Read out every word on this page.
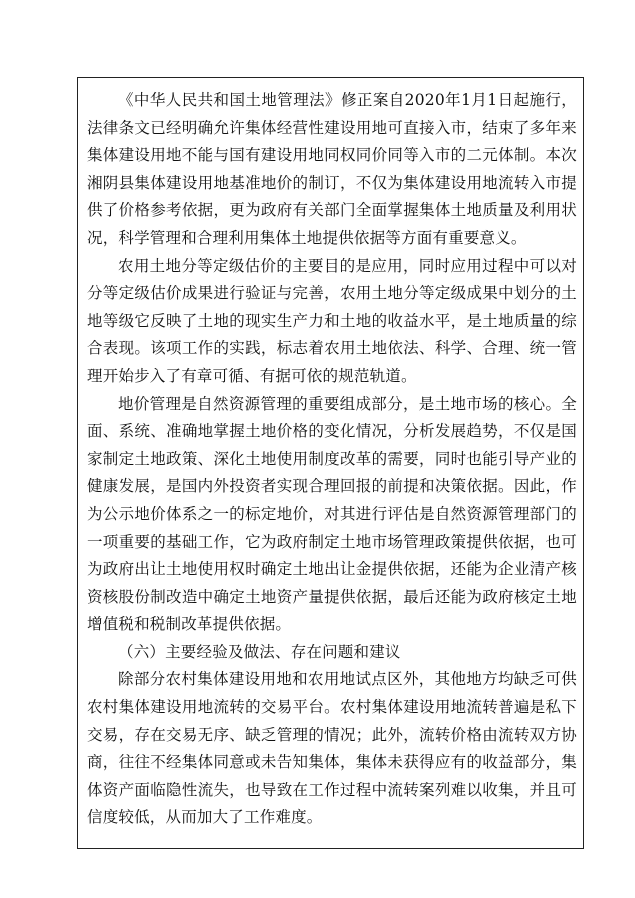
《中华人民共和国土地管理法》修正案自2020年1月1日起施行，法律条文已经明确允许集体经营性建设用地可直接入市，结束了多年来集体建设用地不能与国有建设用地同权同价同等入市的二元体制。本次湘阴县集体建设用地基准地价的制订，不仅为集体建设用地流转入市提供了价格参考依据，更为政府有关部门全面掌握集体土地质量及利用状况，科学管理和合理利用集体土地提供依据等方面有重要意义。

农用土地分等定级估价的主要目的是应用，同时应用过程中可以对分等定级估价成果进行验证与完善，农用土地分等定级成果中划分的土地等级它反映了土地的现实生产力和土地的收益水平，是土地质量的综合表现。该项工作的实践，标志着农用土地依法、科学、合理、统一管理开始步入了有章可循、有据可依的规范轨道。

地价管理是自然资源管理的重要组成部分，是土地市场的核心。全面、系统、准确地掌握土地价格的变化情况，分析发展趋势，不仅是国家制定土地政策、深化土地使用制度改革的需要，同时也能引导产业的健康发展，是国内外投资者实现合理回报的前提和决策依据。因此，作为公示地价体系之一的标定地价，对其进行评估是自然资源管理部门的一项重要的基础工作，它为政府制定土地市场管理政策提供依据，也可为政府出让土地使用权时确定土地出让金提供依据，还能为企业清产核资核股份制改造中确定土地资产量提供依据，最后还能为政府核定土地增值税和税制改革提供依据。

（六）主要经验及做法、存在问题和建议

除部分农村集体建设用地和农用地试点区外，其他地方均缺乏可供农村集体建设用地流转的交易平台。农村集体建设用地流转普遍是私下交易，存在交易无序、缺乏管理的情况；此外，流转价格由流转双方协商，往往不经集体同意或未告知集体，集体未获得应有的收益部分，集体资产面临隐性流失，也导致在工作过程中流转案列难以收集，并且可信度较低，从而加大了工作难度。
